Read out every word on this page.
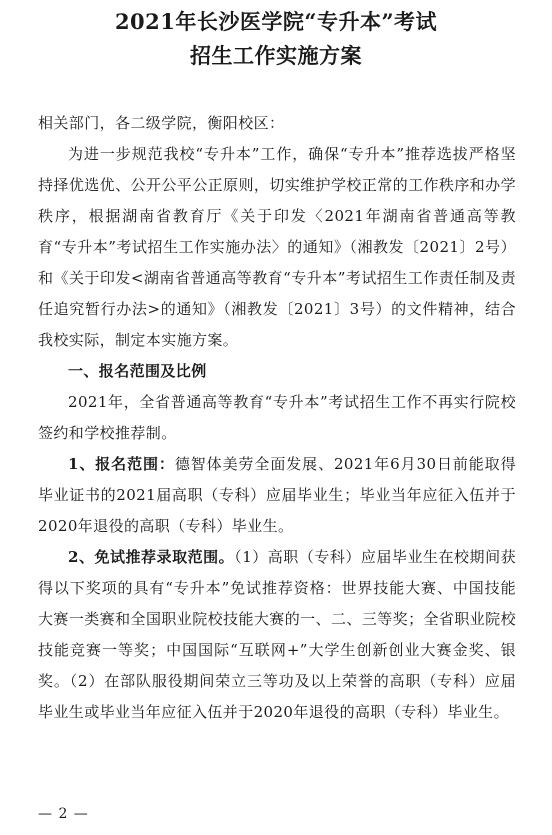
2021年长沙医学院“专升本”考试
招生工作实施方案

相关部门，各二级学院，衡阳校区：

为进一步规范我校“专升本”工作，确保“专升本”推荐选拔严格坚持择优选优、公开公平公正原则，切实维护学校正常的工作秩序和办学秩序，根据湖南省教育厅《关于印发〈2021年湖南省普通高等教育“专升本”考试招生工作实施办法〉的通知》（湘教发〔2021〕2号）和《关于印发<湖南省普通高等教育“专升本”考试招生工作责任制及责任追究暂行办法>的通知》（湘教发〔2021〕3号）的文件精神，结合我校实际，制定本实施方案。

一、报名范围及比例

2021年，全省普通高等教育“专升本”考试招生工作不再实行院校签约和学校推荐制。

1、报名范围：德智体美劳全面发展、2021年6月30日前能取得毕业证书的2021届高职（专科）应届毕业生；毕业当年应征入伍并于2020年退役的高职（专科）毕业生。

2、免试推荐录取范围。（1）高职（专科）应届毕业生在校期间获得以下奖项的具有“专升本”免试推荐资格：世界技能大赛、中国技能大赛一类赛和全国职业院校技能大赛的一、二、三等奖；全省职业院校技能竞赛一等奖；中国国际“互联网+”大学生创新创业大赛金奖、银奖。（2）在部队服役期间荣立三等功及以上荣誉的高职（专科）应届毕业生或毕业当年应征入伍并于2020年退役的高职（专科）毕业生。

— 2 —
